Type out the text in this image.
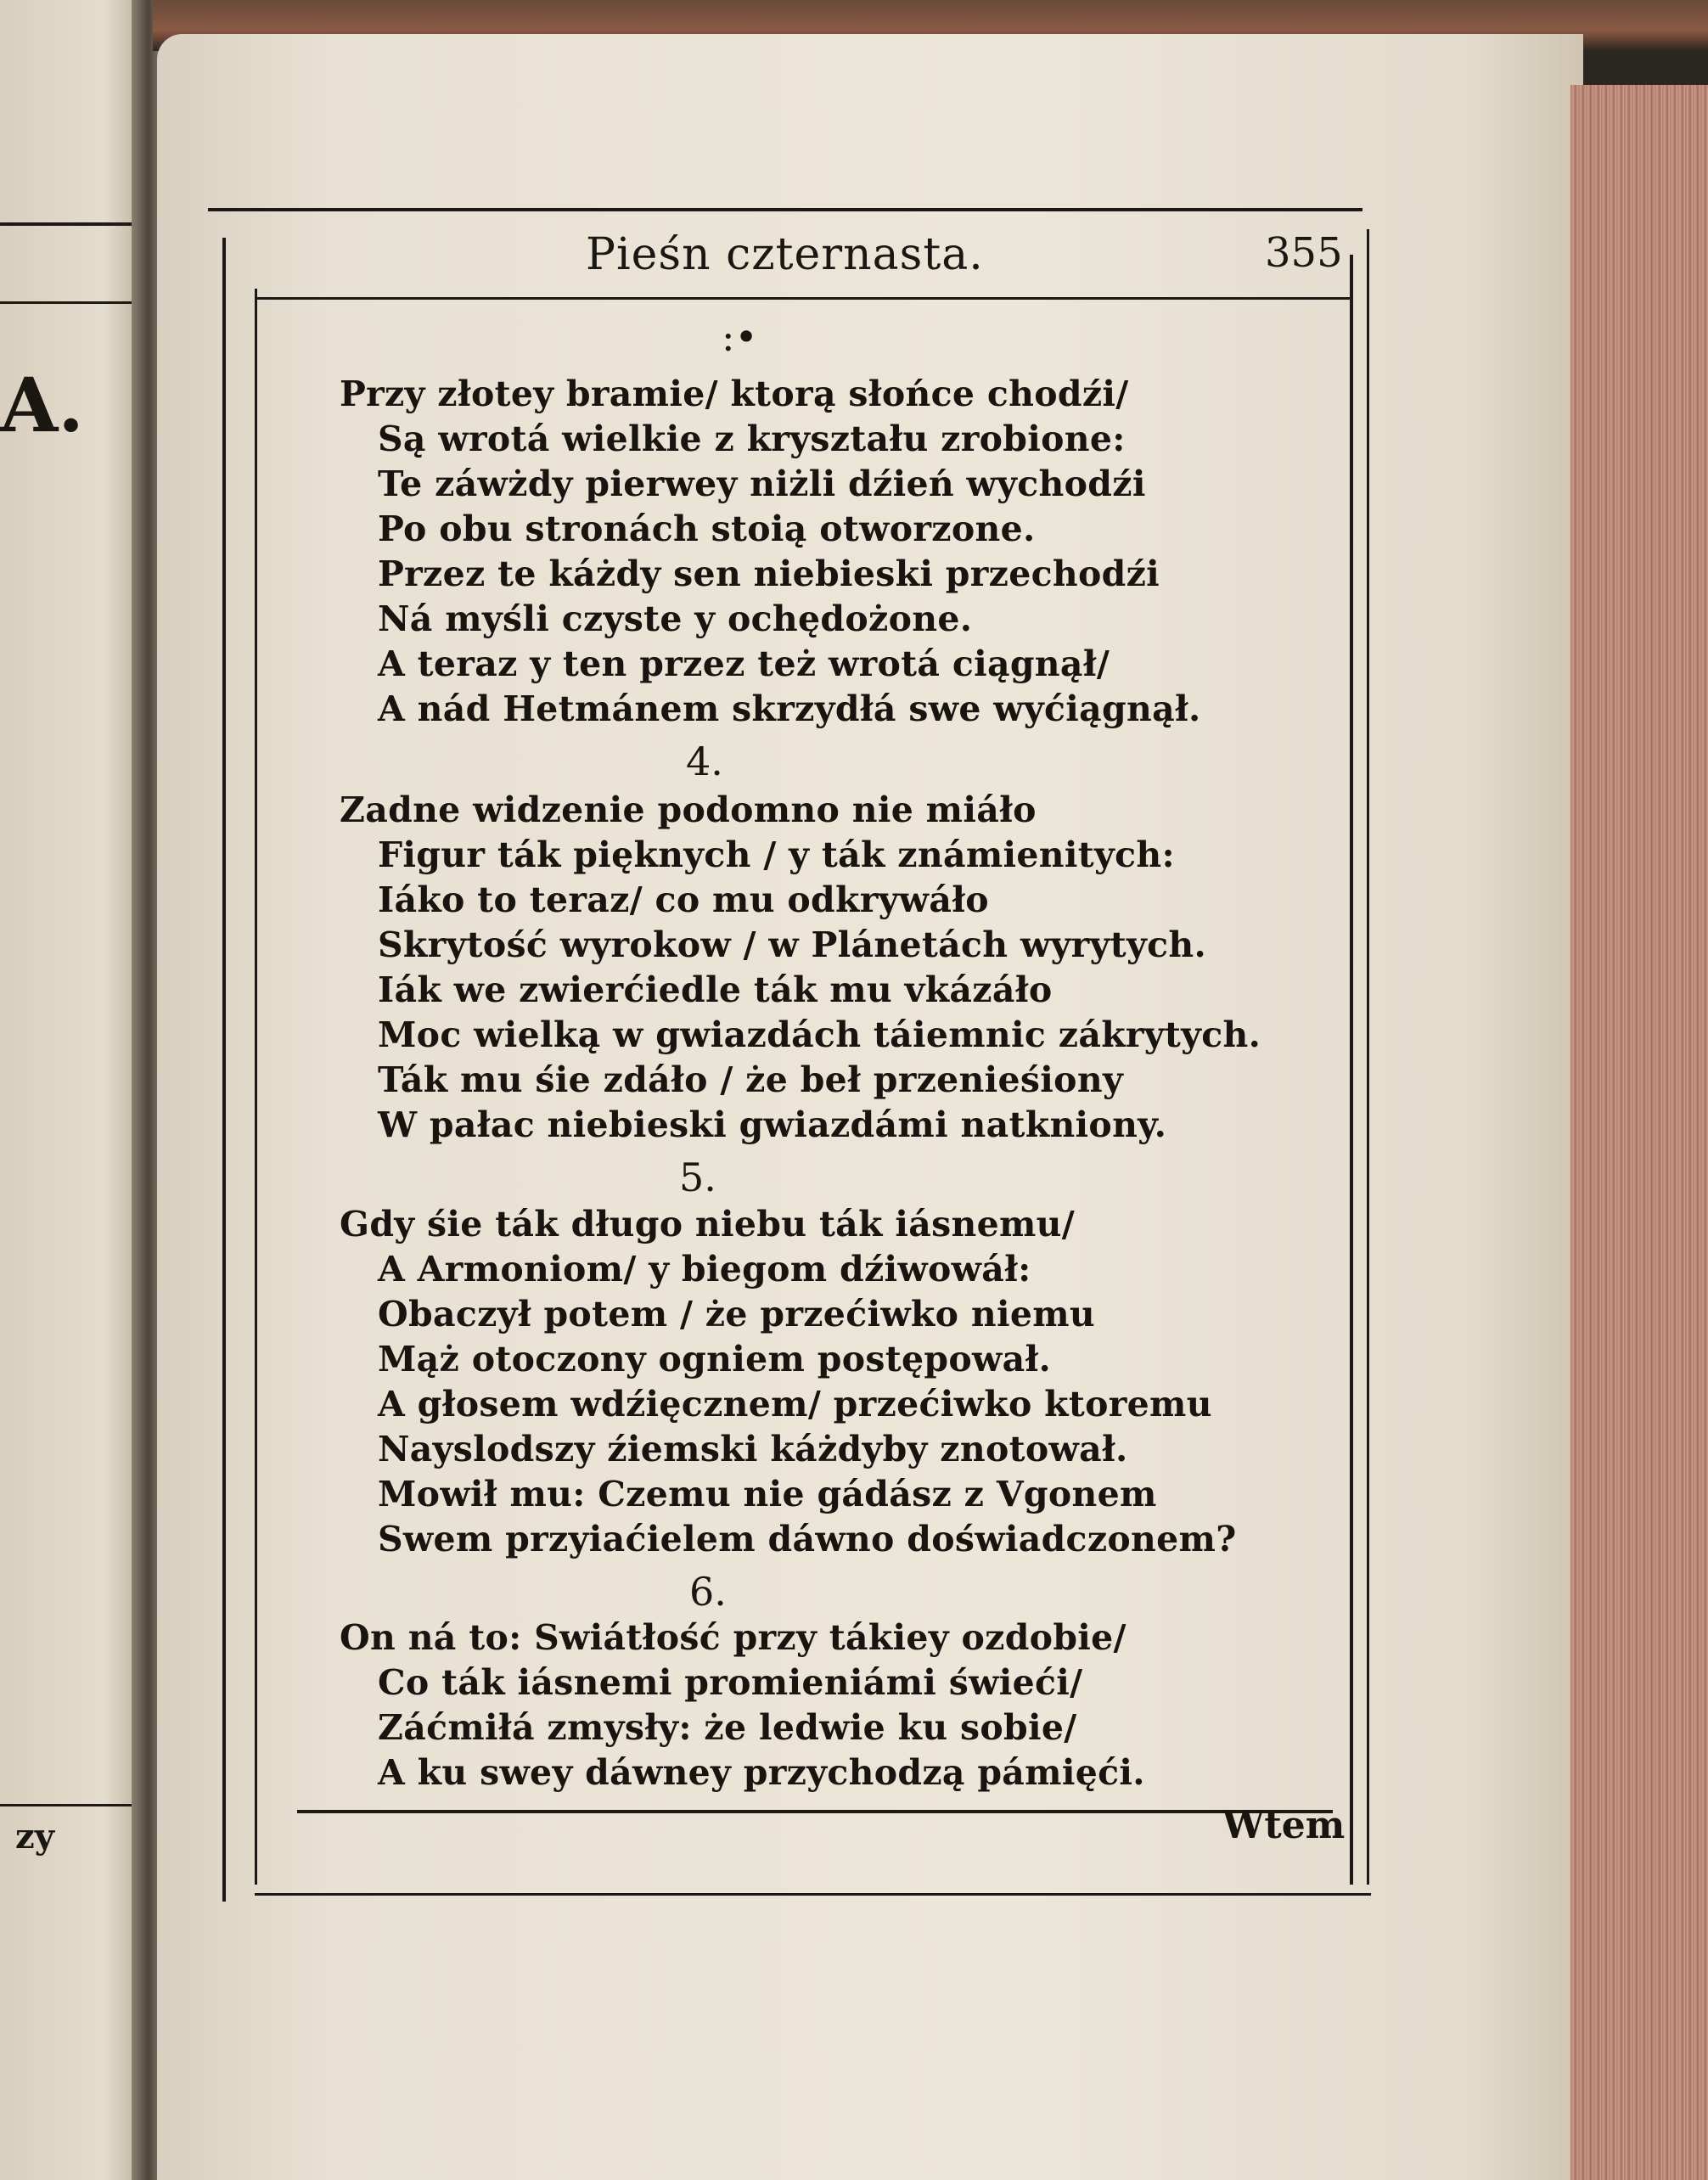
A.
zy
Pieśn czternasta.	355
:•
Przy złotey bramie/ ktorą słońce chodźi/
Są wrotá wielkie z kryształu zrobione:
Te záwżdy pierwey niżli dźień wychodźi
Po obu stronách stoią otworzone.
Przez te káżdy sen niebieski przechodźi
Ná myśli czyste y ochędożone.
A teraz y ten przez też wrotá ciągnął/
A nád Hetmánem skrzydłá swe wyćiągnął.
4.
Zadne widzenie podomno nie miáło
Figur ták pięknych / y ták známienitych:
Iáko to teraz/ co mu odkrywáło
Skrytość wyrokow / w Plánetách wyrytych.
Iák we zwierćiedle ták mu vkázáło
Moc wielką w gwiazdách táiemnic zákrytych.
Ták mu śie zdáło / że beł przenieśiony
W pałac niebieski gwiazdámi natkniony.
5.
Gdy śie ták długo niebu ták iásnemu/
A Armoniom/ y biegom dźiwowáł:
Obaczył potem / że przećiwko niemu
Mąż otoczony ogniem postępował.
A głosem wdźięcznem/ przećiwko ktoremu
Nayslodszy źiemski káżdyby znotował.
Mowił mu: Czemu nie gádász z Vgonem
Swem przyiaćielem dáwno doświadczonem?
6.
On ná to: Swiátłość przy tákiey ozdobie/
Co ták iásnemi promieniámi świeći/
Záćmiłá zmysły: że ledwie ku sobie/
A ku swey dáwney przychodzą pámięći.
Wtem
